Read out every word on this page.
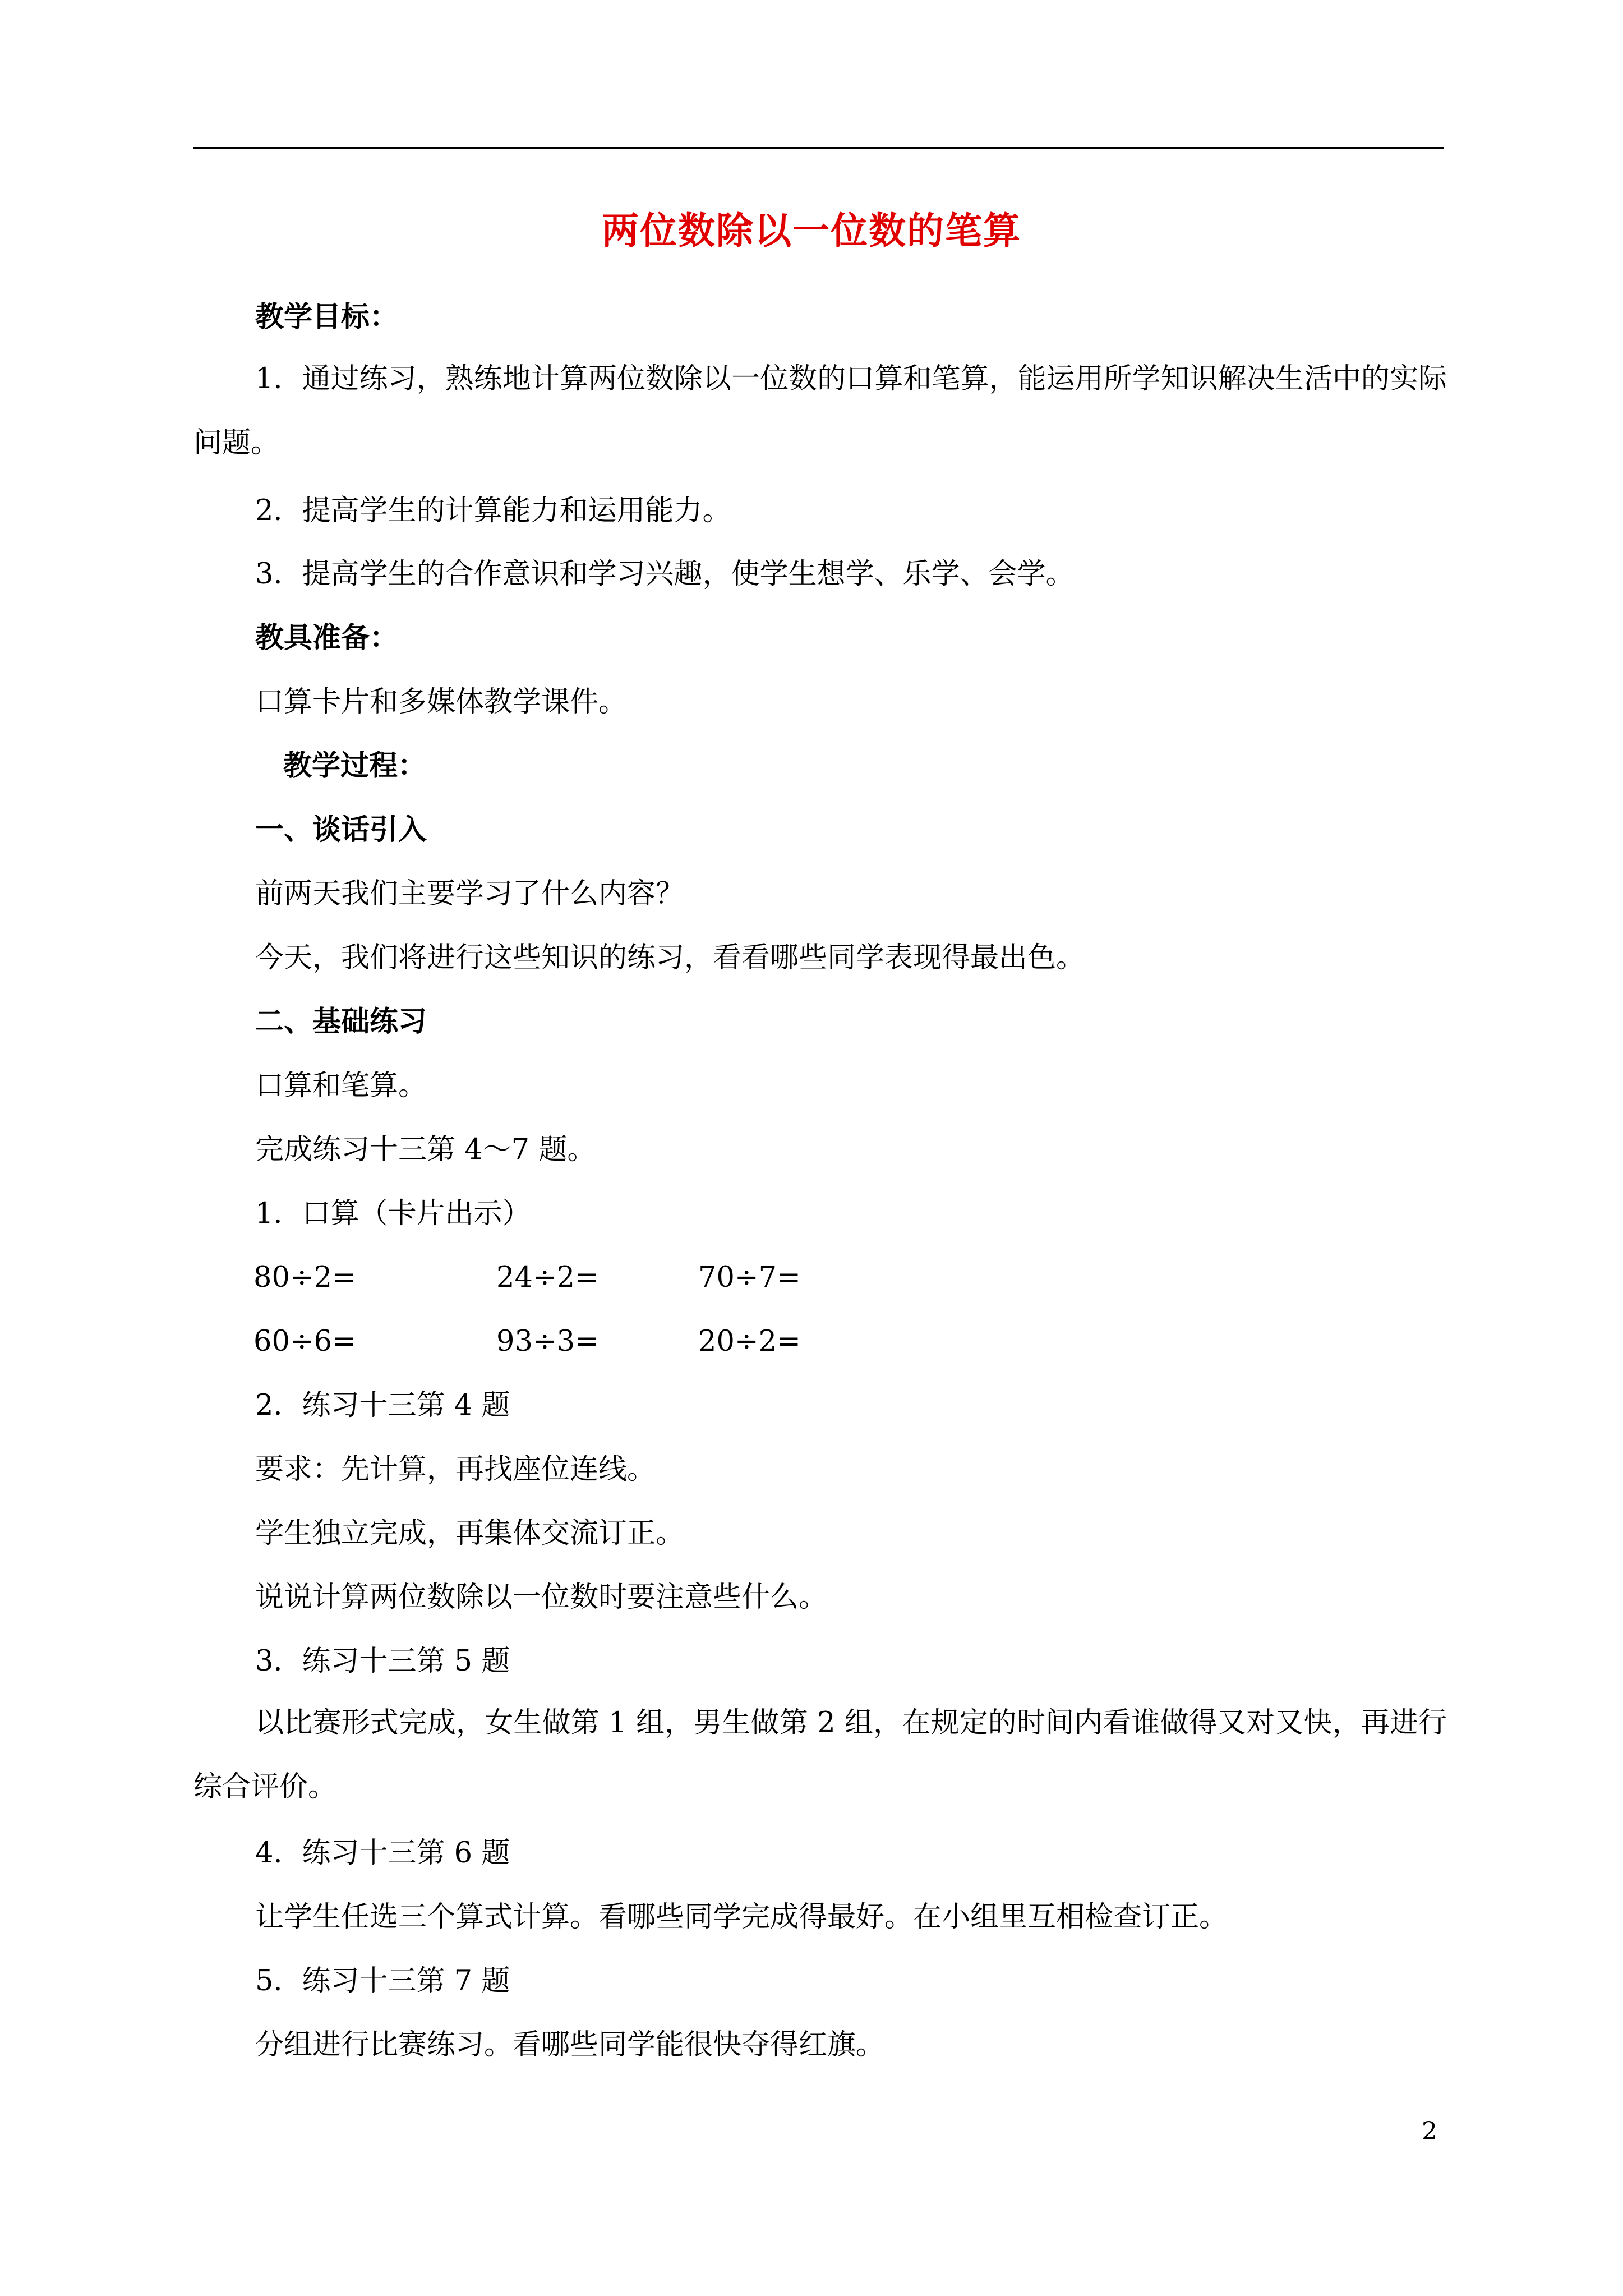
两位数除以一位数的笔算
教学目标：
1．通过练习，熟练地计算两位数除以一位数的口算和笔算，能运用所学知识解决生活中的实际问题。
2．提高学生的计算能力和运用能力。
3．提高学生的合作意识和学习兴趣，使学生想学、乐学、会学。
教具准备：
口算卡片和多媒体教学课件。
教学过程：
一、谈话引入
前两天我们主要学习了什么内容？
今天，我们将进行这些知识的练习，看看哪些同学表现得最出色。
二、基础练习
口算和笔算。
完成练习十三第 4～7 题。
1．口算（卡片出示）
80÷2=	24÷2=	70÷7=
60÷6=	93÷3=	20÷2=
2．练习十三第 4 题
要求：先计算，再找座位连线。
学生独立完成，再集体交流订正。
说说计算两位数除以一位数时要注意些什么。
3．练习十三第 5 题
以比赛形式完成，女生做第 1 组，男生做第 2 组，在规定的时间内看谁做得又对又快，再进行综合评价。
4．练习十三第 6 题
让学生任选三个算式计算。看哪些同学完成得最好。在小组里互相检查订正。
5．练习十三第 7 题
分组进行比赛练习。看哪些同学能很快夺得红旗。
2
